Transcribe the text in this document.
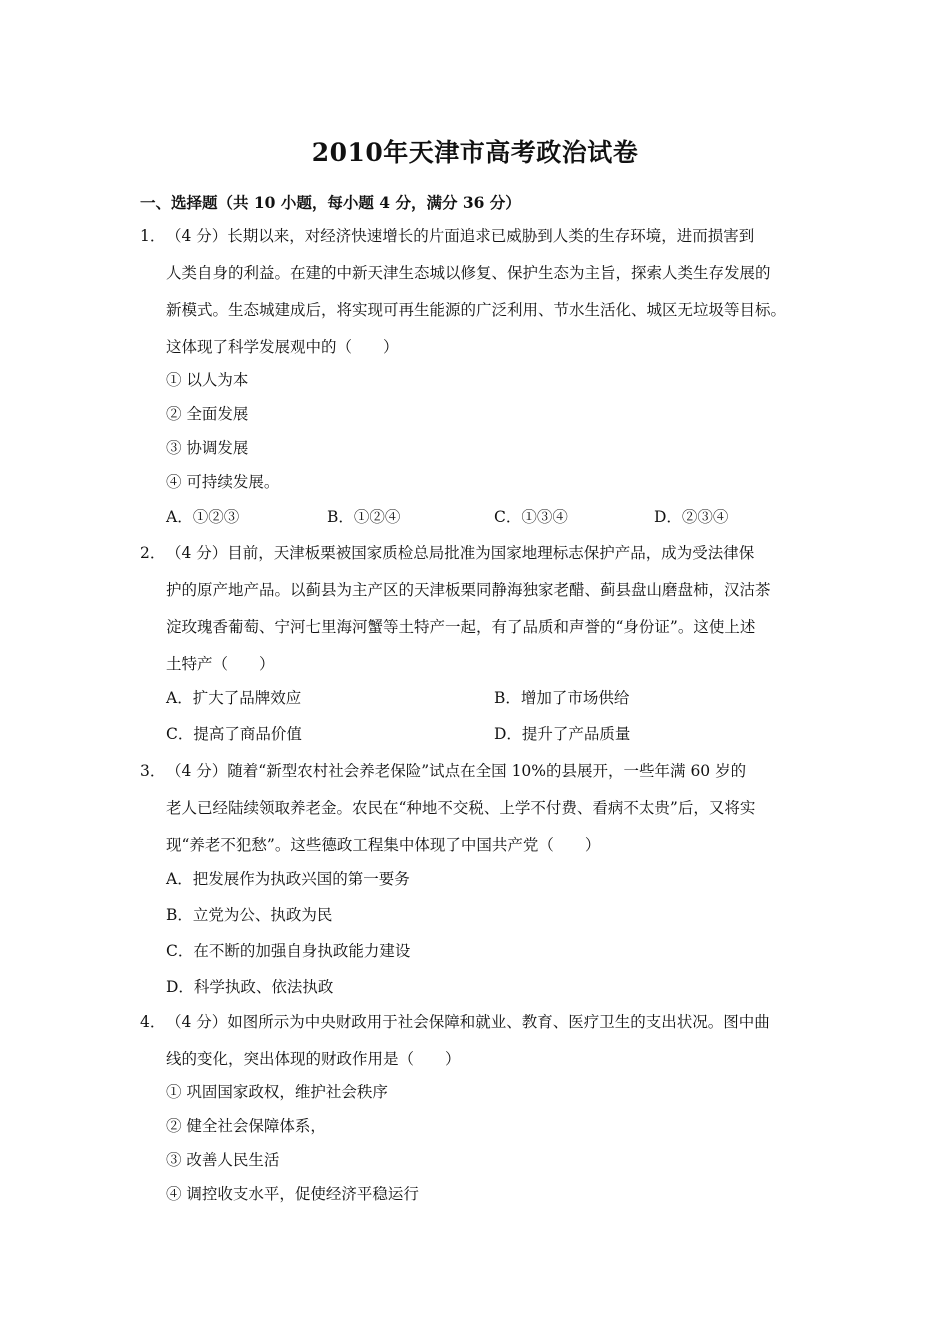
2010年天津市高考政治试卷
一、选择题（共 10 小题，每小题 4 分，满分 36 分）
1． （4 分）长期以来，对经济快速增长的片面追求已威胁到人类的生存环境，进而损害到
人类自身的利益。在建的中新天津生态城以修复、保护生态为主旨，探索人类生存发展的
新模式。生态城建成后，将实现可再生能源的广泛利用、节水生活化、城区无垃圾等目标。
这体现了科学发展观中的（　　）
① 以人为本
② 全面发展
③ 协调发展
④ 可持续发展。
A．①②③	B．①②④	C．①③④	D．②③④
2． （4 分）目前，天津板栗被国家质检总局批准为国家地理标志保护产品，成为受法律保
护的原产地产品。以蓟县为主产区的天津板栗同静海独家老醋、蓟县盘山磨盘柿，汉沽茶
淀玫瑰香葡萄、宁河七里海河蟹等土特产一起，有了品质和声誉的“身份证”。这使上述
土特产（　　）
A．扩大了品牌效应	B．增加了市场供给
C．提高了商品价值	D．提升了产品质量
3． （4 分）随着“新型农村社会养老保险”试点在全国 10%的县展开，一些年满 60 岁的
老人已经陆续领取养老金。农民在“种地不交税、上学不付费、看病不太贵”后，又将实
现“养老不犯愁”。这些德政工程集中体现了中国共产党（　　）
A．把发展作为执政兴国的第一要务
B．立党为公、执政为民
C．在不断的加强自身执政能力建设
D．科学执政、依法执政
4． （4 分）如图所示为中央财政用于社会保障和就业、教育、医疗卫生的支出状况。图中曲
线的变化，突出体现的财政作用是（　　）
① 巩固国家政权，维护社会秩序
② 健全社会保障体系，
③ 改善人民生活
④ 调控收支水平，促使经济平稳运行
